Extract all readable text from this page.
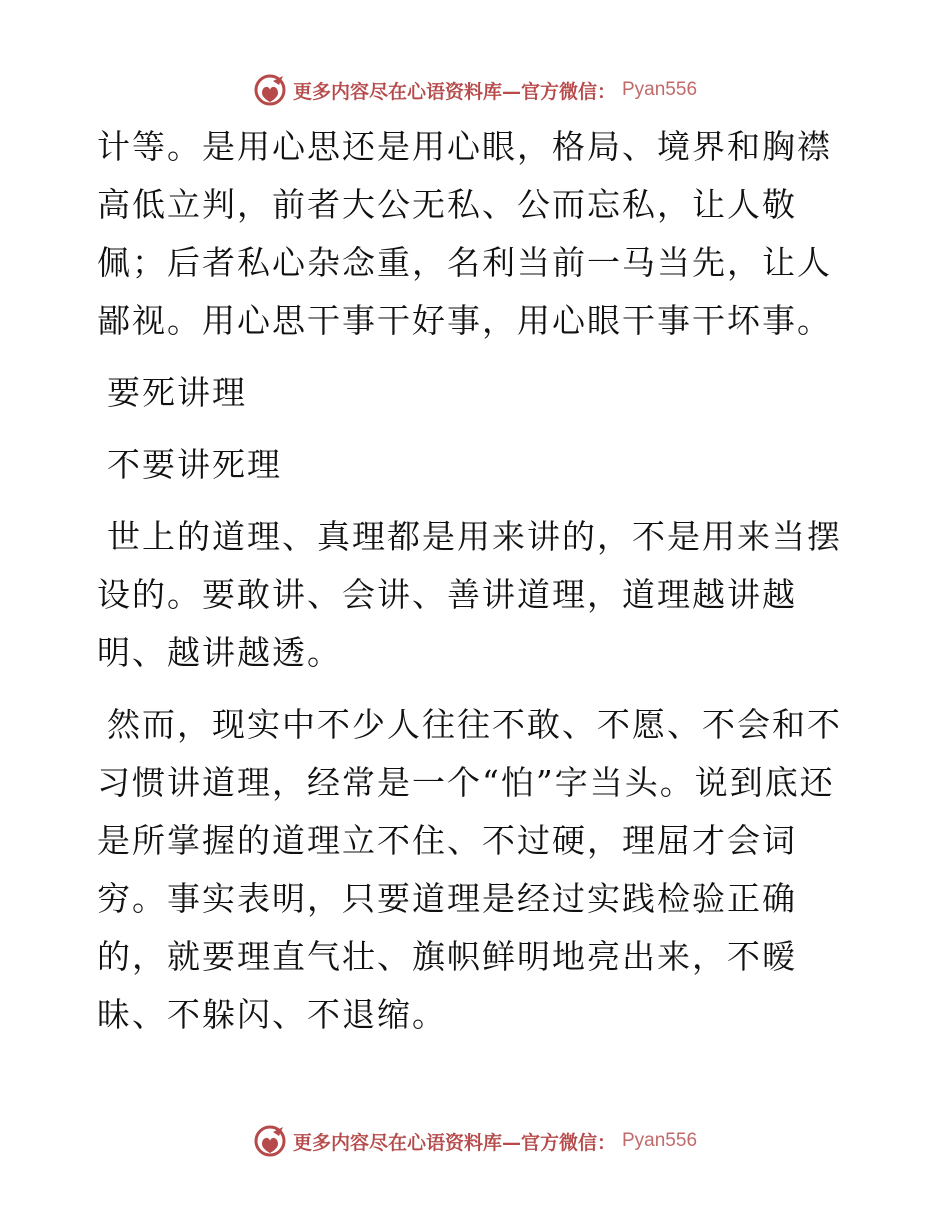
更多内容尽在心语资料库—官方微信： Pyan556

计等。是用心思还是用心眼，格局、境界和胸襟高低立判，前者大公无私、公而忘私，让人敬佩；后者私心杂念重，名利当前一马当先，让人鄙视。用心思干事干好事，用心眼干事干坏事。

要死讲理

不要讲死理

世上的道理、真理都是用来讲的，不是用来当摆设的。要敢讲、会讲、善讲道理，道理越讲越明、越讲越透。

然而，现实中不少人往往不敢、不愿、不会和不习惯讲道理，经常是一个“怕”字当头。说到底还是所掌握的道理立不住、不过硬，理屈才会词穷。事实表明，只要道理是经过实践检验正确的，就要理直气壮、旗帜鲜明地亮出来，不暧昧、不躲闪、不退缩。

更多内容尽在心语资料库—官方微信： Pyan556
